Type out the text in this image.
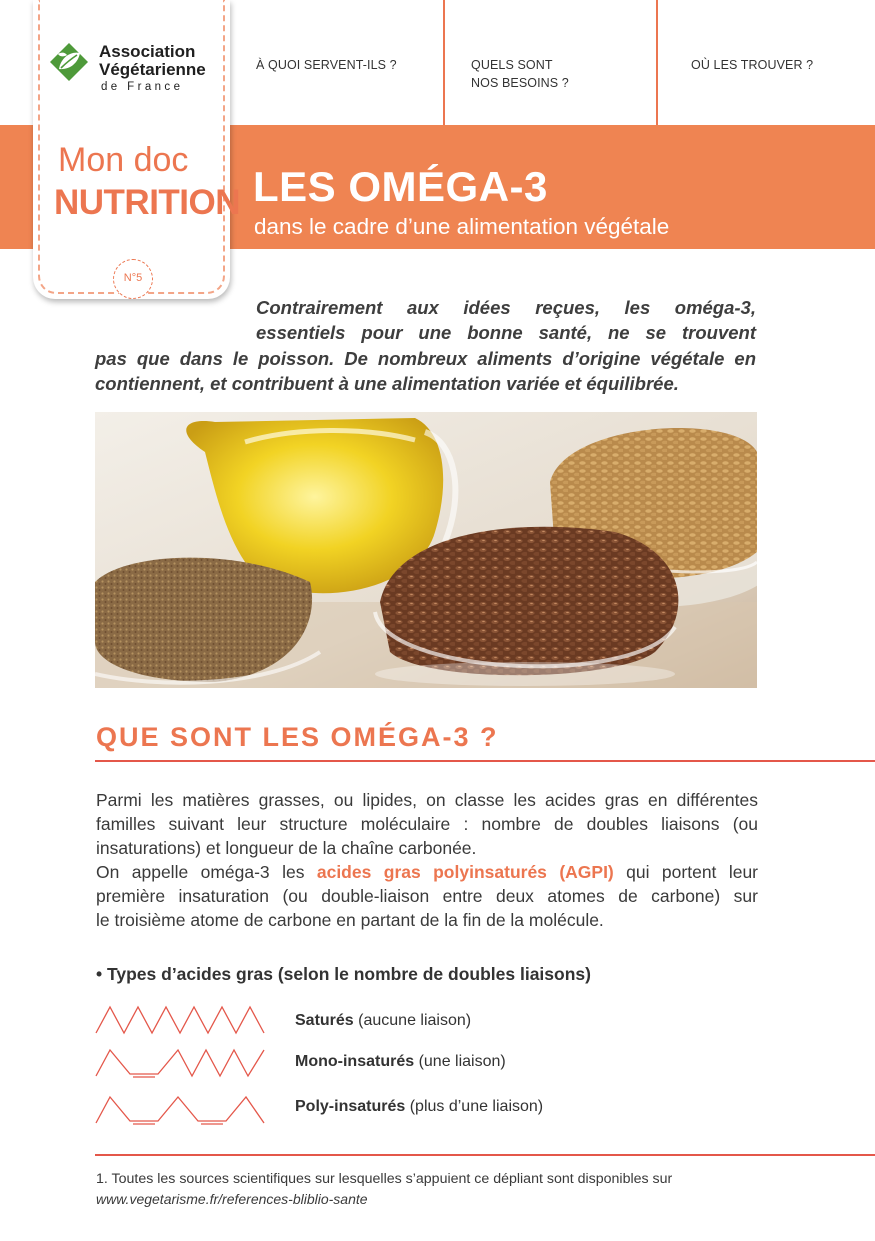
À QUOI SERVENT-ILS ?	QUELS SONT
NOS BESOINS ?
OÙ LES TROUVER ?
LES OMÉGA-3
dans le cadre d’une alimentation végétale
Association
Végétarienne
de France
Mon doc
NUTRITION
N°5
Contrairement aux idées reçues, les oméga-3,
essentiels pour une bonne santé, ne se trouvent
pas que dans le poisson. De nombreux aliments d’origine végétale en
contiennent, et contribuent à une alimentation variée et équilibrée.
QUE SONT LES OMÉGA-3 ?
Parmi les matières grasses, ou lipides, on classe les acides gras en différentes
familles suivant leur structure moléculaire : nombre de doubles liaisons (ou
insaturations) et longueur de la chaîne carbonée.
On appelle oméga-3 les acides gras polyinsaturés (AGPI) qui portent leur
première insaturation (ou double-liaison entre deux atomes de carbone) sur
le troisième atome de carbone en partant de la fin de la molécule.
• Types d’acides gras (selon le nombre de doubles liaisons)
Saturés (aucune liaison)
Mono-insaturés (une liaison)
Poly-insaturés (plus d’une liaison)
1. Toutes les sources scientifiques sur lesquelles s’appuient ce dépliant sont disponibles sur
www.vegetarisme.fr/references-bliblio-sante
